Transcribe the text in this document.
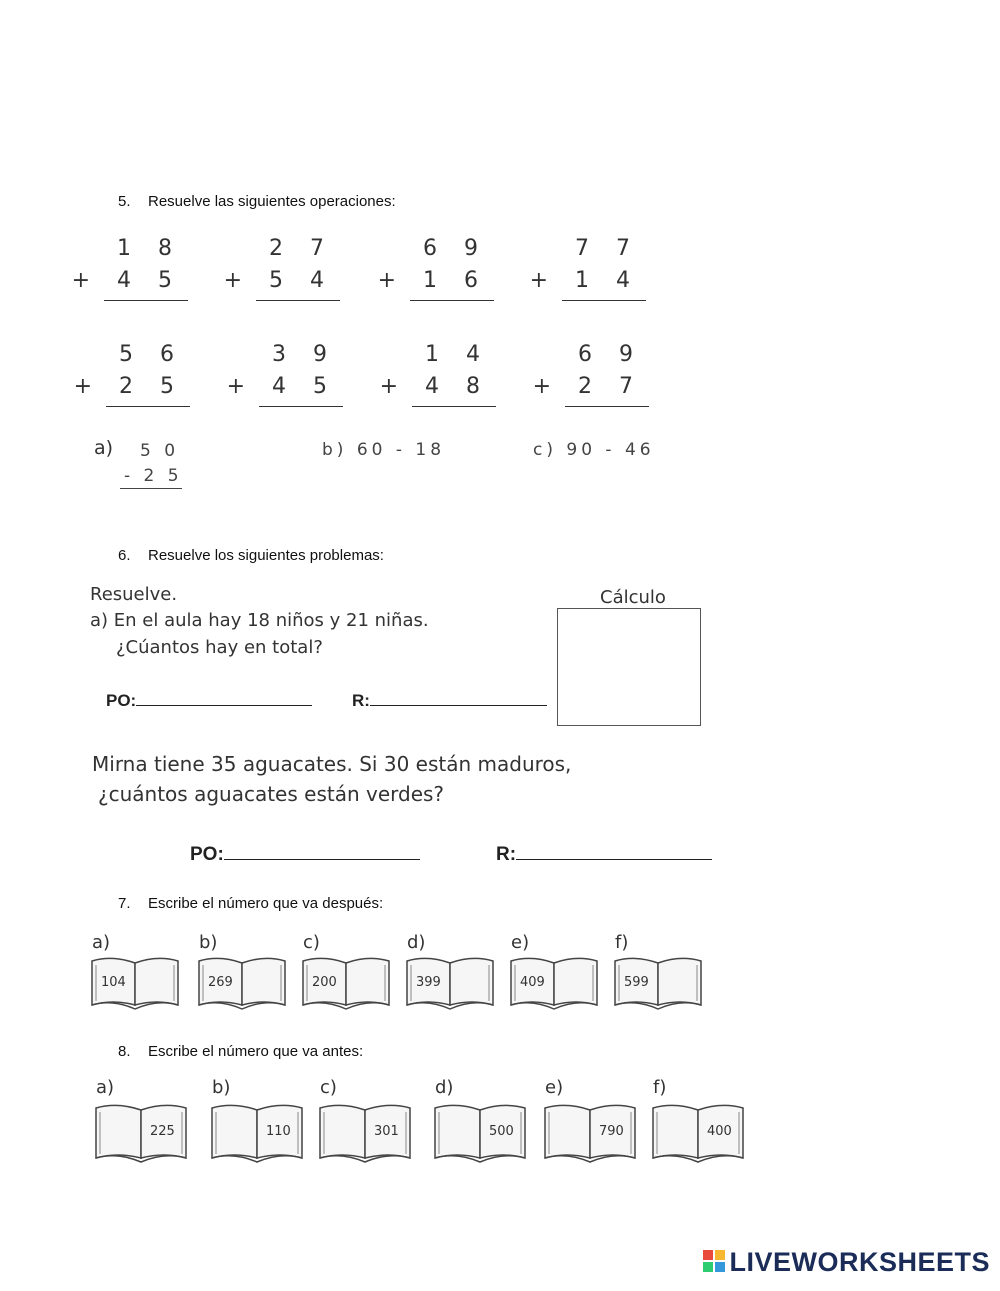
5. Resuelve las siguientes operaciones:
1 8
+ 4 5
2 7
+ 5 4
6 9
+ 1 6
7 7
+ 1 4
5 6
+ 2 5
3 9
+ 4 5
1 4
+ 4 8
6 9
+ 2 7
a) 5 0
- 2 5
b) 60 - 18	c) 90 - 46
6. Resuelve los siguientes problemas:
Resuelve.
a) En el aula hay 18 niños y 21 niñas.
¿Cúantos hay en total?
Cálculo
PO:	R:
Mirna tiene 35 aguacates. Si 30 están maduros,
¿cuántos aguacates están verdes?
PO:	R:
7. Escribe el número que va después:
a)
104
b)
269
c)
200
d)
399
e)
409
f)
599
8. Escribe el número que va antes:
a)
225
b)
110
c)
301
d)
500
e)
790
f)
400
LIVEWORKSHEETS
